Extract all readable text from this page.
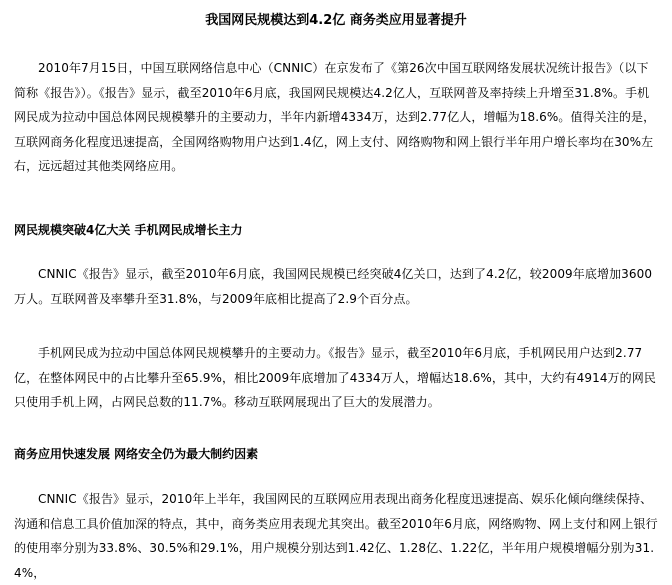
我国网民规模达到4.2亿 商务类应用显著提升

2010年7月15日，中国互联网络信息中心（CNNIC）在京发布了《第26次中国互联网络发展状况统计报告》（以下简称《报告》）。《报告》显示，截至2010年6月底，我国网民规模达4.2亿人，互联网普及率持续上升增至31.8%。手机网民成为拉动中国总体网民规模攀升的主要动力，半年内新增4334万，达到2.77亿人，增幅为18.6%。值得关注的是，互联网商务化程度迅速提高，全国网络购物用户达到1.4亿，网上支付、网络购物和网上银行半年用户增长率均在30%左右，远远超过其他类网络应用。

网民规模突破4亿大关 手机网民成增长主力

CNNIC《报告》显示，截至2010年6月底，我国网民规模已经突破4亿关口，达到了4.2亿，较2009年底增加3600万人。互联网普及率攀升至31.8%，与2009年底相比提高了2.9个百分点。

手机网民成为拉动中国总体网民规模攀升的主要动力。《报告》显示，截至2010年6月底，手机网民用户达到2.77亿，在整体网民中的占比攀升至65.9%，相比2009年底增加了4334万人，增幅达18.6%，其中，大约有4914万的网民只使用手机上网，占网民总数的11.7%。移动互联网展现出了巨大的发展潜力。

商务应用快速发展 网络安全仍为最大制约因素

CNNIC《报告》显示，2010年上半年，我国网民的互联网应用表现出商务化程度迅速提高、娱乐化倾向继续保持、沟通和信息工具价值加深的特点，其中，商务类应用表现尤其突出。截至2010年6月底，网络购物、网上支付和网上银行的使用率分别为33.8%、30.5%和29.1%，用户规模分别达到1.42亿、1.28亿、1.22亿，半年用户规模增幅分别为31.4%，
